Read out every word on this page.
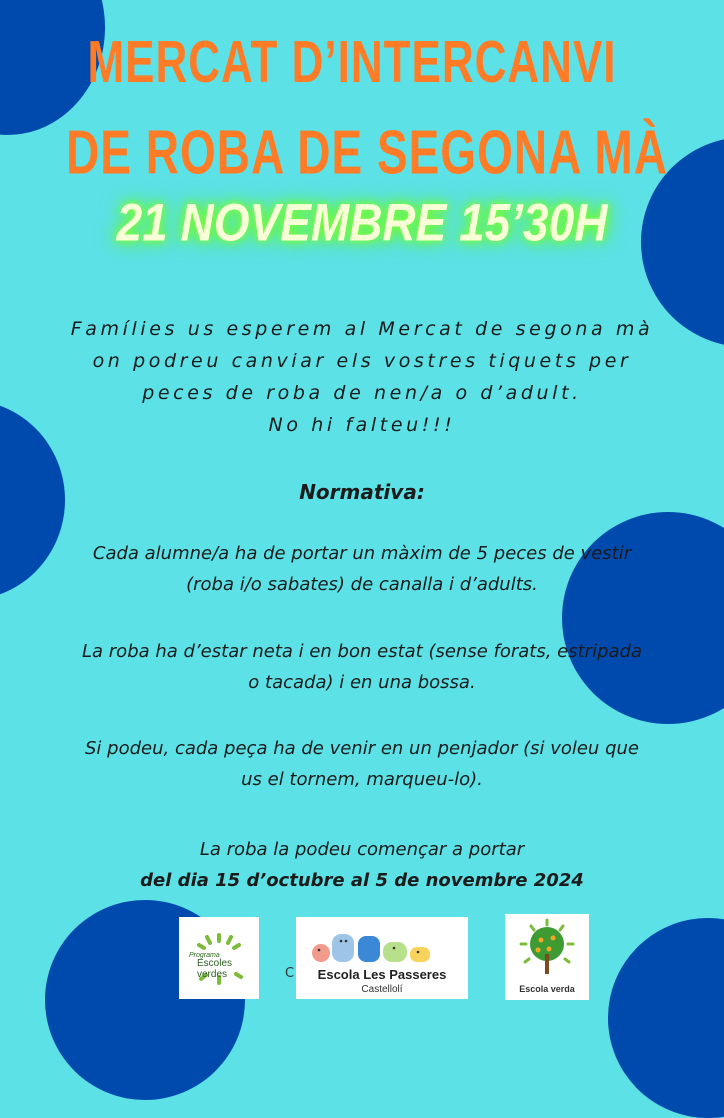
MERCAT D’INTERCANVI
DE ROBA DE SEGONA MÀ
21 NOVEMBRE 15’30H
Famílies us esperem al Mercat de segona mà
on podreu canviar els vostres tiquets per
peces de roba de nen/a o d’adult.
No hi falteu!!!
Normativa:
Cada alumne/a ha de portar un màxim de 5 peces de vestir
(roba i/o sabates) de canalla i d’adults.
La roba ha d’estar neta i en bon estat (sense forats, estripada
o tacada) i en una bossa.
Si podeu, cada peça ha de venir en un penjador (si voleu que
us el tornem, marqueu-lo).
La roba la podeu començar a portar
del dia 15 d’octubre al 5 de novembre 2024
C
Programa
Escoles
verdes	Escola Les Passeres
Castellolí	Escola verda
